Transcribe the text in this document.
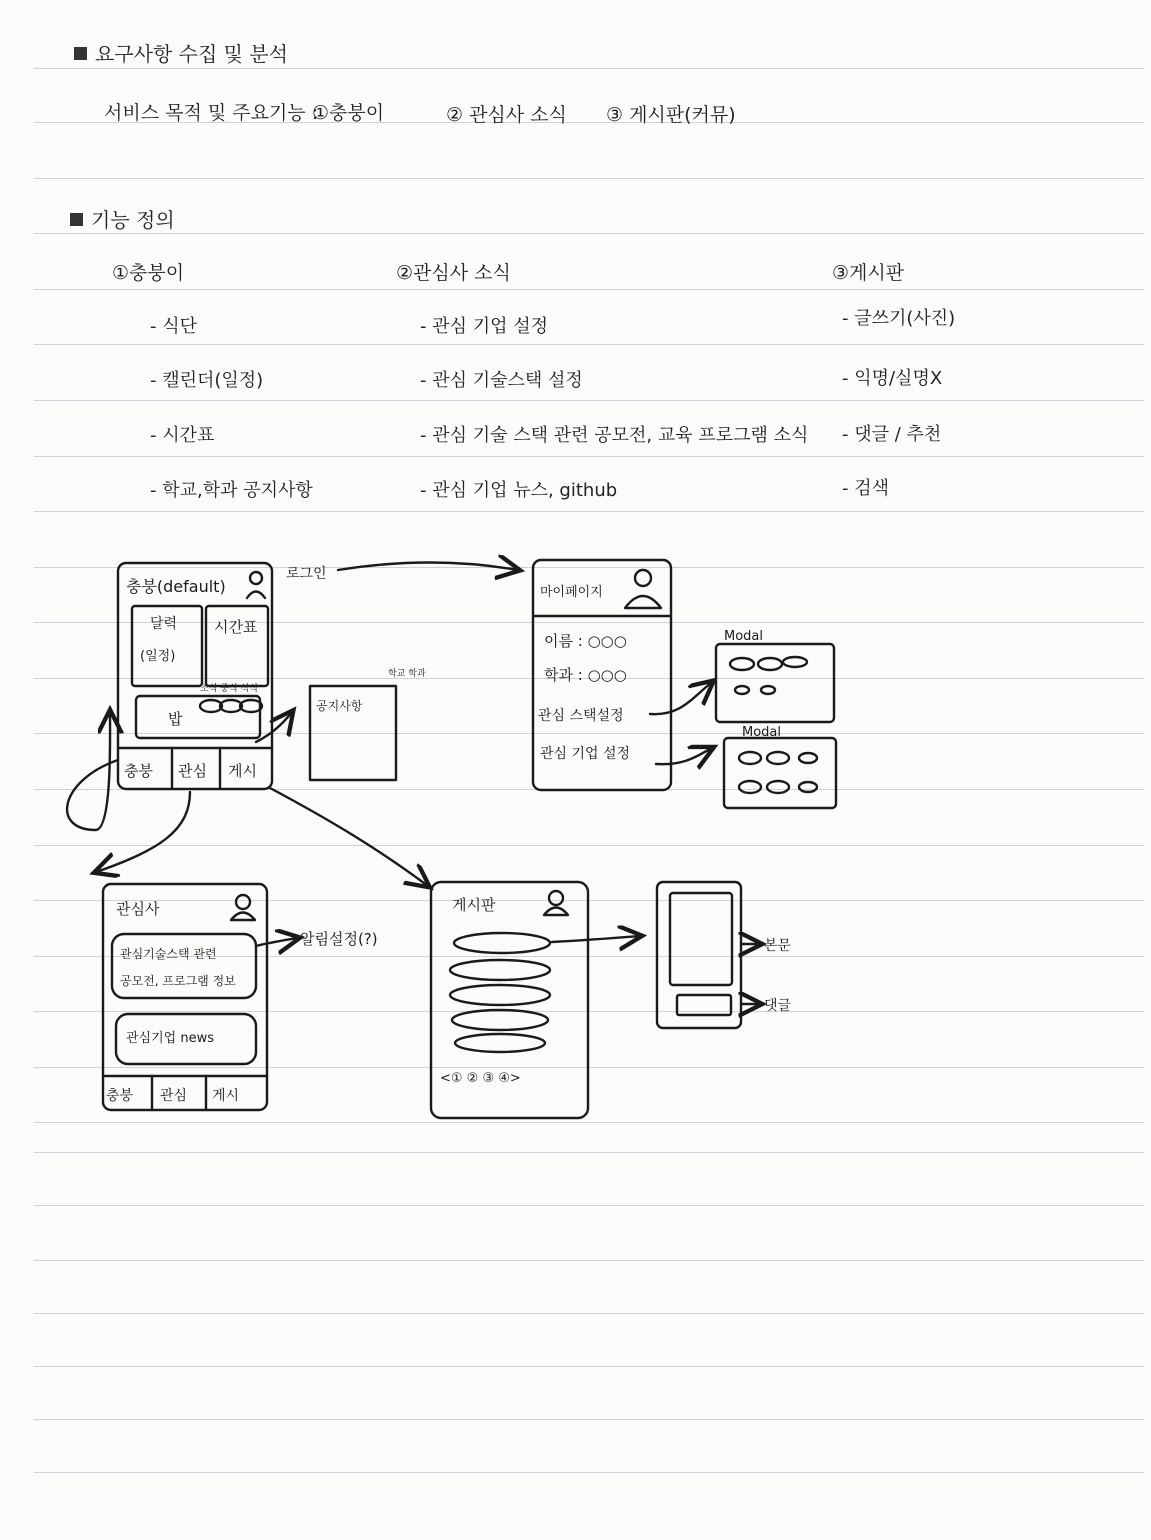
요구사항 수집 및 분석
서비스 목적 및 주요기능 :
①충붕이	② 관심사 소식 ③ 게시판(커뮤)
기능 정의
①충붕이
- 식단
- 캘린더(일정)
- 시간표
- 학교,학과 공지사항
②관심사 소식
- 관심 기업 설정
- 관심 기술스택 설정
- 관심 기술 스택 관련 공모전, 교육 프로그램 소식
- 관심 기업 뉴스, github
③게시판
- 글쓰기(사진)
- 익명/실명X
- 댓글 / 추천
- 검색
충붕(default)
달력
(일정)
시간표
조식 중식 석식
밥
충붕 관심 게시
로그인
공지사항
학교 학과
마이페이지
이름 : ○○○
학과 : ○○○
관심 스택설정
관심 기업 설정
Modal
Modal
관심사
관심기술스택 관련
공모전, 프로그램 정보
관심기업 news
충붕 관심 게시
알림설정(?)
게시판
<① ② ③ ④>
본문
댓글
